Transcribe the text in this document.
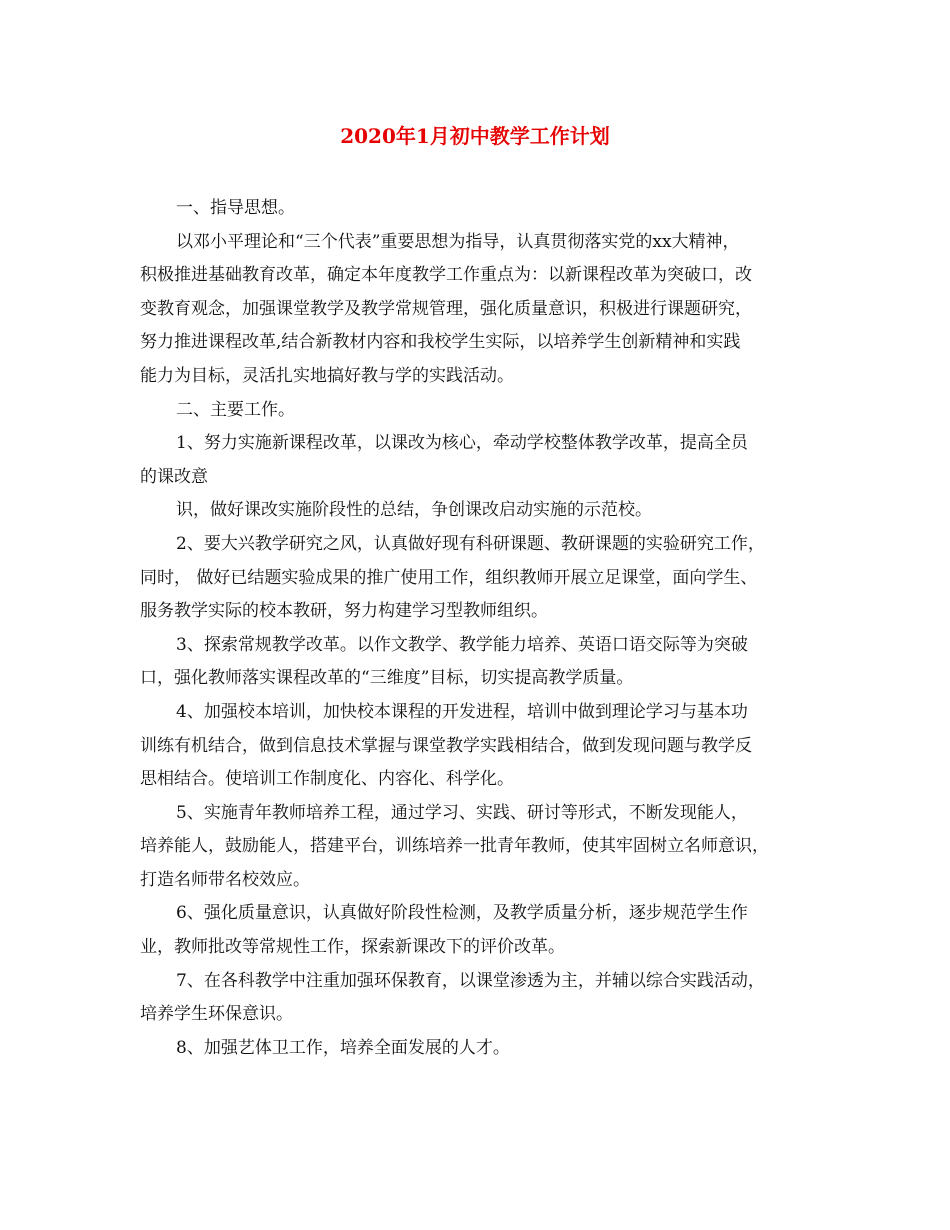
2020年1月初中教学工作计划
一、指导思想。
以邓小平理论和“三个代表”重要思想为指导，认真贯彻落实党的xx大精神，
积极推进基础教育改革，确定本年度教学工作重点为：以新课程改革为突破口，改
变教育观念，加强课堂教学及教学常规管理，强化质量意识，积极进行课题研究，
努力推进课程改革,结合新教材内容和我校学生实际，以培养学生创新精神和实践
能力为目标，灵活扎实地搞好教与学的实践活动。
二、主要工作。
1、努力实施新课程改革，以课改为核心，牵动学校整体教学改革，提高全员
的课改意
识，做好课改实施阶段性的总结，争创课改启动实施的示范校。
2、要大兴教学研究之风，认真做好现有科研课题、教研课题的实验研究工作，
同时， 做好已结题实验成果的推广使用工作，组织教师开展立足课堂，面向学生、
服务教学实际的校本教研，努力构建学习型教师组织。
3、探索常规教学改革。以作文教学、教学能力培养、英语口语交际等为突破
口，强化教师落实课程改革的“三维度”目标，切实提高教学质量。
4、加强校本培训，加快校本课程的开发进程，培训中做到理论学习与基本功
训练有机结合，做到信息技术掌握与课堂教学实践相结合，做到发现问题与教学反
思相结合。使培训工作制度化、内容化、科学化。
5、实施青年教师培养工程，通过学习、实践、研讨等形式，不断发现能人，
培养能人，鼓励能人，搭建平台，训练培养一批青年教师，使其牢固树立名师意识，
打造名师带名校效应。
6、强化质量意识，认真做好阶段性检测，及教学质量分析，逐步规范学生作
业，教师批改等常规性工作，探索新课改下的评价改革。
7、在各科教学中注重加强环保教育，以课堂渗透为主，并辅以综合实践活动，
培养学生环保意识。
8、加强艺体卫工作，培养全面发展的人才。
